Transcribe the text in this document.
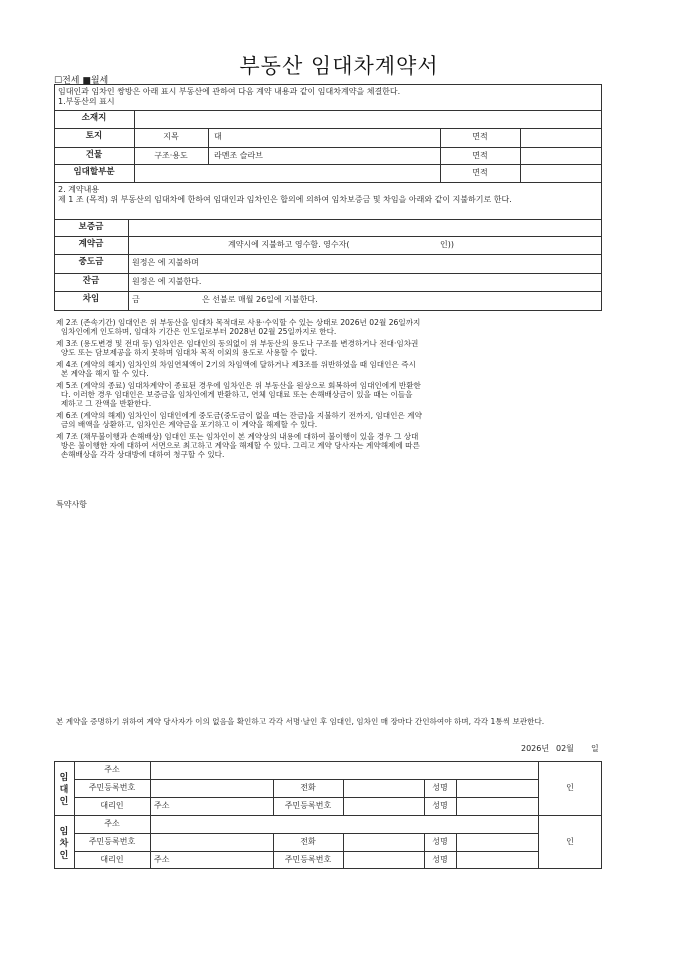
부동산 임대차계약서
☐전세 ■월세
임대인과 임차인 쌍방은 아래 표시 부동산에 관하여 다음 계약 내용과 같이 임대차계약을 체결한다.
1.부동산의 표시
소재지
토지	지목	대	면적
건물	구조·용도	라멘조 슬라브	면적
임대할부분	면적
2. 계약내용
제 1 조 (목적) 위 부동산의 임대차에 한하여 임대인과 임차인은 합의에 의하여 임차보증금 및 차임을 아래와 같이 지불하기로 한다.
보증금
계약금	계약시에 지불하고 영수함. 영수자(	인))
중도금	원정은 에 지불하며
잔금	원정은 에 지불한다.
차임	금	은 선불로 매월 26일에 지불한다.
제 2조 (존속기간) 임대인은 위 부동산을 임대차 목적대로 사용·수익할 수 있는 상태로 2026년 02월 26일까지
임차인에게 인도하며, 임대차 기간은 인도일로부터 2028년 02월 25일까지로 한다.
제 3조 (용도변경 및 전대 등) 임차인은 임대인의 동의없이 위 부동산의 용도나 구조를 변경하거나 전대·임차권
양도 또는 담보제공을 하지 못하며 임대차 목적 이외의 용도로 사용할 수 없다.
제 4조 (계약의 해지) 임차인의 차임연체액이 2기의 차임액에 달하거나 제3조를 위반하였을 때 임대인은 즉시
본 계약을 해지 할 수 있다.
제 5조 (계약의 종료) 임대차계약이 종료된 경우에 임차인은 위 부동산을 원상으로 회복하여 임대인에게 반환한
다. 이러한 경우 임대인은 보증금을 임차인에게 반환하고, 연체 임대료 또는 손해배상금이 있을 때는 이들을
제하고 그 잔액을 반환한다.
제 6조 (계약의 해제) 임차인이 임대인에게 중도금(중도금이 없을 때는 잔금)을 지불하기 전까지, 임대인은 계약
금의 배액을 상환하고, 임차인은 계약금을 포기하고 이 계약을 해제할 수 있다.
제 7조 (채무불이행과 손해배상) 임대인 또는 임차인이 본 계약상의 내용에 대하여 불이행이 있을 경우 그 상대
방은 불이행한 자에 대하여 서면으로 최고하고 계약을 해제할 수 있다. 그리고 계약 당사자는 계약해제에 따른
손해배상을 각각 상대방에 대하여 청구할 수 있다.
특약사항
본 계약을 증명하기 위하여 계약 당사자가 이의 없음을 확인하고 각각 서명·날인 후 임대인, 임차인 매 장마다 간인하여야 하며, 각각 1통씩 보관한다.
2026년 02월 일
임
대
인
주소
주민등록번호	전화	성명	인
대리인	주소	주민등록번호	성명
임
차
인
주소
주민등록번호	전화	성명	인
대리인	주소	주민등록번호	성명
